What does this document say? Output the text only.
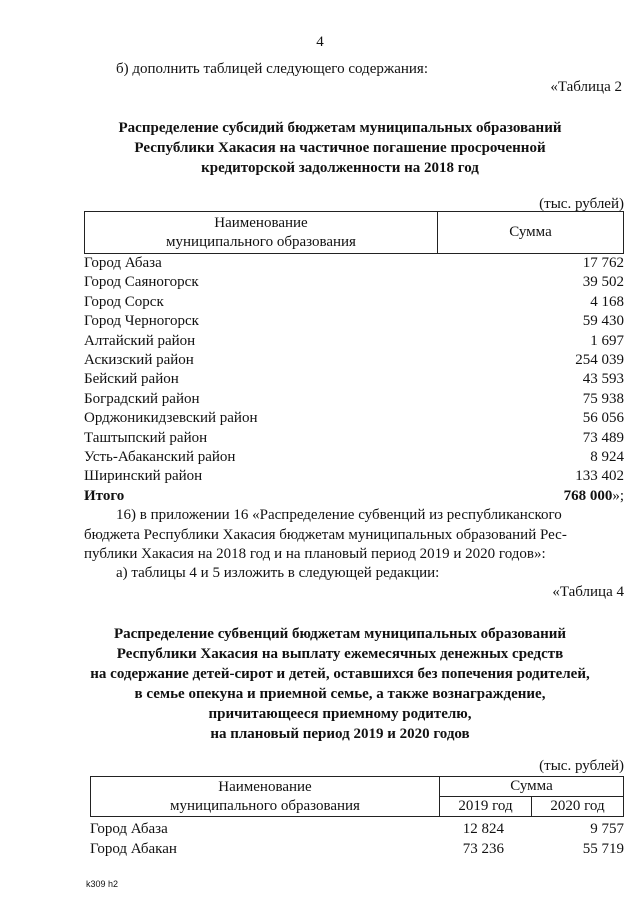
4
б) дополнить таблицей следующего содержания:
«Таблица 2
Распределение субсидий бюджетам муниципальных образований
Республики Хакасия на частичное погашение просроченной
кредиторской задолженности на 2018 год
(тыс. рублей)
Наименование
муниципального образования
	Сумма
Город Абаза	17 762
Город Саяногорск	39 502
Город Сорск	4 168
Город Черногорск	59 430
Алтайский район	1 697
Аскизский район	254 039
Бейский район	43 593
Боградский район	75 938
Орджоникидзевский район	56 056
Таштыпский район	73 489
Усть-Абаканский район	8 924
Ширинский район	133 402
Итого	768 000»;
16) в приложении 16 «Распределение субвенций из республиканского
бюджета Республики Хакасия бюджетам муниципальных образований Рес-
публики Хакасия на 2018 год и на плановый период 2019 и 2020 годов»:
а) таблицы 4 и 5 изложить в следующей редакции:
«Таблица 4
Распределение субвенций бюджетам муниципальных образований
Республики Хакасия на выплату ежемесячных денежных средств
на содержание детей-сирот и детей, оставшихся без попечения родителей,
в семье опекуна и приемной семье, а также вознаграждение,
причитающееся приемному родителю,
на плановый период 2019 и 2020 годов
(тыс. рублей)
Наименование
муниципального образования	Сумма	
	2019 год	2020 год
Город Абаза	12 824	9 757
Город Абакан	73 236	55 719
k309 h2
